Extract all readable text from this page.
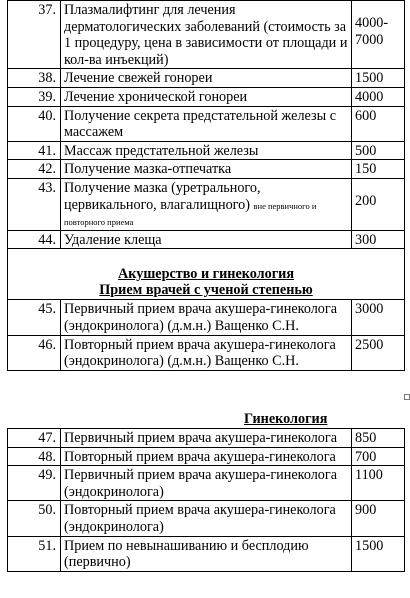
37.	Плазмалифтинг для лечения дерматологических заболеваний (стоимость за 1 процедуру, цена в зависимости от площади и кол-ва инъекций)	4000-7000
38.	Лечение свежей гонореи	1500
39.	Лечение хронической гонореи	4000
40.	Получение секрета предстательной железы с массажем	600
41.	Массаж предстательной железы	500
42.	Получение мазка-отпечатка	150
43.	Получение мазка (уретрального, цервикального, влагалищного) вне первичного и повторного приема	200
44.	Удаление клеща	300

Акушерство и гинекология
Прием врачей с ученой степенью		

45.	Первичный прием врача акушера-гинеколога (эндокринолога) (д.м.н.) Ващенко С.Н.	3000
46.	Повторный прием врача акушера-гинеколога (эндокринолога) (д.м.н.) Ващенко С.Н.	2500
Гинекология
47.	Первичный прием врача акушера-гинеколога	850
48.	Повторный прием врача акушера-гинеколога	700
49.	Первичный прием врача акушера-гинеколога (эндокринолога)	1100
50.	Повторный прием врача акушера-гинеколога (эндокринолога)	900
51.	Прием по невынашиванию и бесплодию (первично)	1500
